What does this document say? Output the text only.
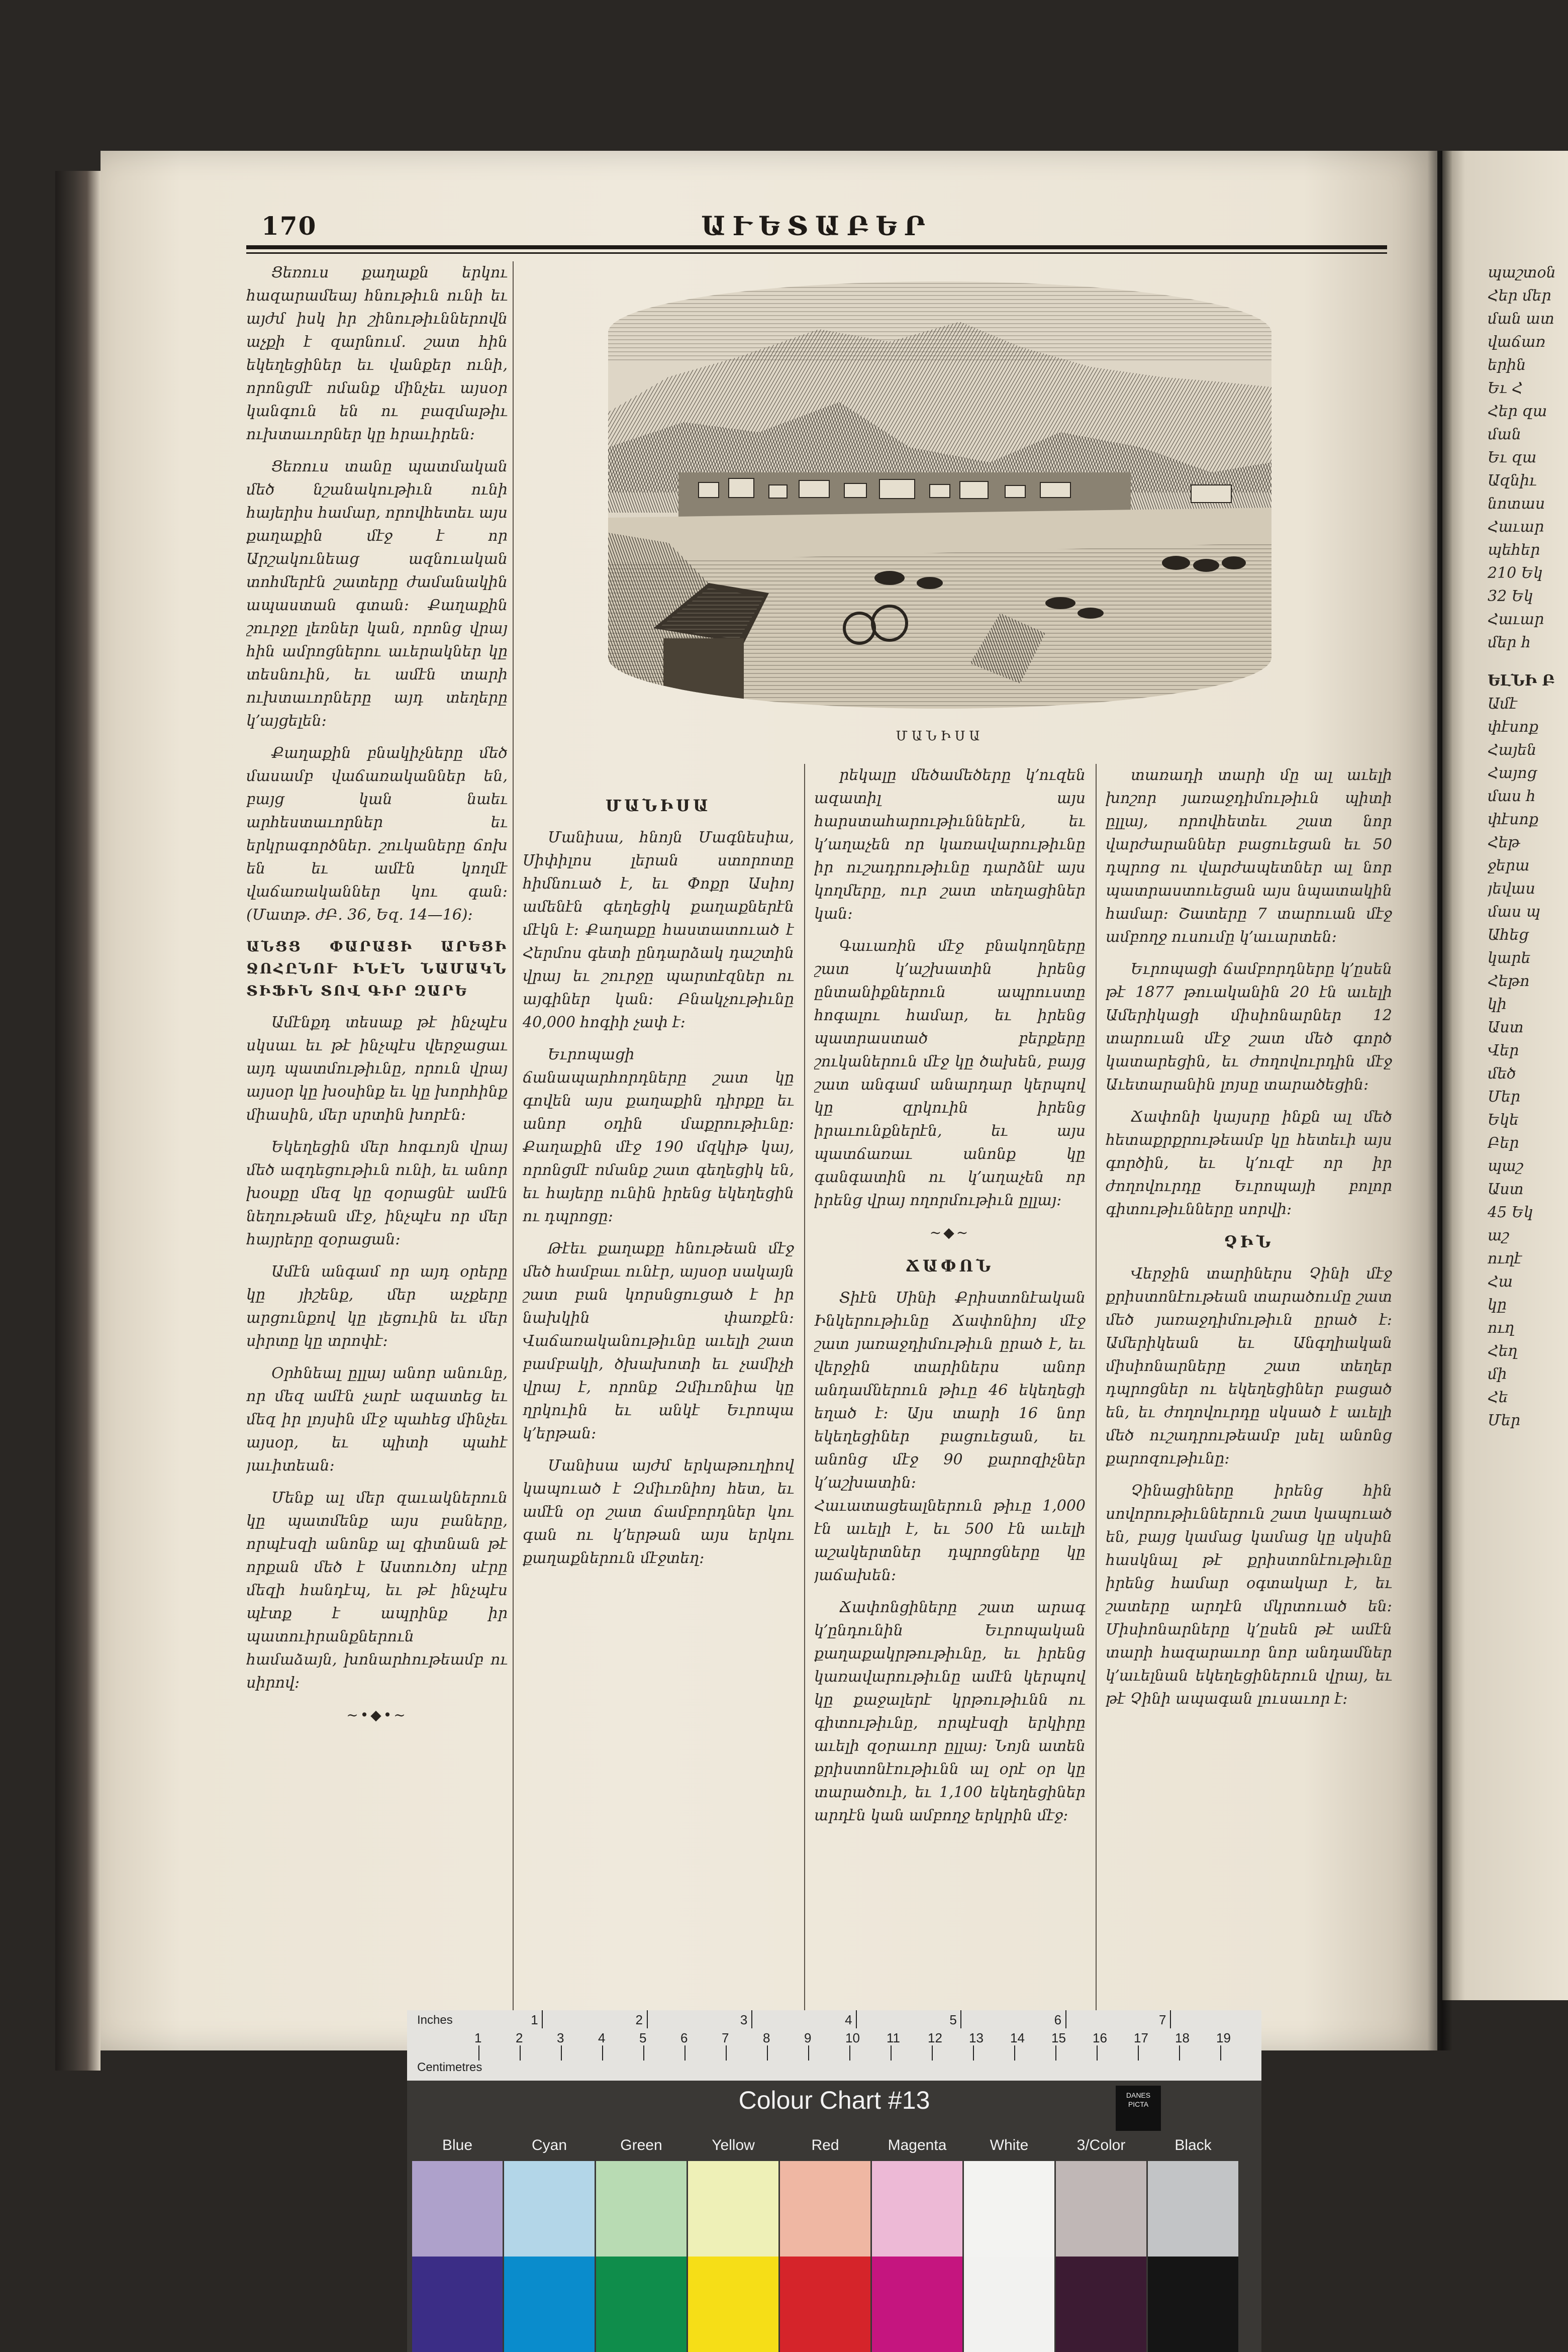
170	ԱՒԵՏԱԲԵՐ

Ցեռուս քաղաքն երկու հազարամեայ հնութիւն ունի եւ այժմ իսկ իր շինութիւններովն աչքի է զարնում. շատ հին եկեղեցիներ եւ վանքեր ունի, որոնցմէ ոմանք մինչեւ այսօր կանգուն են ու բազմաթիւ ուխտաւորներ կը հրաւիրեն։

Ցեռուս տանը պատմական մեծ նշանակութիւն ունի հայերիս համար, որովհետեւ այս քաղաքին մէջ է որ Արշակունեաց ազնուական տոհմերէն շատերը ժամանակին ապաստան գտան։ Քաղաքին շուրջը լեռներ կան, որոնց վրայ հին ամրոցներու աւերակներ կը տեսնուին, եւ ամէն տարի ուխտաւորները այդ տեղերը կ՚այցելեն։

Քաղաքին բնակիչները մեծ մասամբ վաճառականներ են, բայց կան նաեւ արհեստաւորներ եւ երկրագործներ. շուկաները ճոխ են եւ ամէն կողմէ վաճառականներ կու գան։ (Մատթ. ժԲ. 36, Եզ. 14—16)։

ԱՆՑՑ ՓԱՐԱՑԻ ԱՐԵՑԻ ՋՈՀԸՆՈՒ ԻՆԷՆ ՆԱՄԱԿՆ ՏԻՖԻՆ ՏՈՎ ԳԻՐ ԶԱՐԵ

Ամէնքդ տեսաք թէ ինչպէս սկսաւ եւ թէ ինչպէս վերջացաւ այդ պատմութիւնը, որուն վրայ այսօր կը խօսինք եւ կը խորհինք միասին, մեր սրտին խորէն։

Եկեղեցին մեր հոգւոյն վրայ մեծ ազդեցութիւն ունի, եւ անոր խօսքը մեզ կը զօրացնէ ամէն նեղութեան մէջ, ինչպէս որ մեր հայրերը զօրացան։

Ամէն անգամ որ այդ օրերը կը յիշենք, մեր աչքերը արցունքով կը լեցուին եւ մեր սիրտը կը տրոփէ։

Օրհնեալ ըլլայ անոր անունը, որ մեզ ամէն չարէ ազատեց եւ մեզ իր լոյսին մէջ պահեց մինչեւ այսօր, եւ պիտի պահէ յաւիտեան։

Մենք ալ մեր զաւակներուն կը պատմենք այս բաները, որպէսզի անոնք ալ գիտնան թէ որքան մեծ է Աստուծոյ սէրը մեզի հանդէպ, եւ թէ ինչպէս պէտք է ապրինք իր պատուիրանքներուն համաձայն, խոնարհութեամբ ու սիրով։

~•◆•~
ՄԱՆԻՍԱ

ՄԱՆԻՍԱ

Մանիսա, հնոյն Մագնեսիա, Սիփիլոս լերան ստորոտը հիմնուած է, եւ Փոքր Ասիոյ ամենէն գեղեցիկ քաղաքներէն մէկն է։ Քաղաքը հաստատուած է Հերմոս գետի ընդարձակ դաշտին վրայ եւ շուրջը պարտէզներ ու այգիներ կան։ Բնակչութիւնը 40,000 հոգիի չափ է։

Եւրոպացի ճանապարհորդները շատ կը գովեն այս քաղաքին դիրքը եւ անոր օդին մաքրութիւնը։ Քաղաքին մէջ 190 մզկիթ կայ, որոնցմէ ոմանք շատ գեղեցիկ են, եւ հայերը ունին իրենց եկեղեցին ու դպրոցը։

Թէեւ քաղաքը հնութեան մէջ մեծ համբաւ ունէր, այսօր սակայն շատ բան կորսնցուցած է իր նախկին փառքէն։ Վաճառականութիւնը աւելի շատ բամբակի, ծխախոտի եւ չամիչի վրայ է, որոնք Զմիւռնիա կը ղրկուին եւ անկէ Եւրոպա կ՚երթան։

Մանիսա այժմ երկաթուղիով կապուած է Զմիւռնիոյ հետ, եւ ամէն օր շատ ճամբորդներ կու գան ու կ՚երթան այս երկու քաղաքներուն մէջտեղ։

րեկալը մեծամեծերը կ՚ուզեն ազատիլ այս հարստահարութիւններէն, եւ կ՚աղաչեն որ կառավարութիւնը իր ուշադրութիւնը դարձնէ այս կողմերը, ուր շատ տեղացիներ կան։

Գաւառին մէջ բնակողները շատ կ՚աշխատին իրենց ընտանիքներուն ապրուստը հոգալու համար, եւ իրենց պատրաստած բերքերը շուկաներուն մէջ կը ծախեն, բայց շատ անգամ անարդար կերպով կը զրկուին իրենց իրաւունքներէն, եւ այս պատճառաւ անոնք կը գանգատին ու կ՚աղաչեն որ իրենց վրայ ողորմութիւն ըլլայ։

~◆~

ՃԱՓՈՆ

Տիէն Սինի Քրիստոնէական Ինկերութիւնը Ճափոնիոյ մէջ շատ յառաջդիմութիւն ըրած է, եւ վերջին տարիներս անոր անդամներուն թիւը 46 եկեղեցի եղած է։ Այս տարի 16 նոր եկեղեցիներ բացուեցան, եւ անոնց մէջ 90 քարոզիչներ կ՚աշխատին։ Հաւատացեալներուն թիւը 1,000 էն աւելի է, եւ 500 էն աւելի աշակերտներ դպրոցները կը յաճախեն։

Ճափոնցիները շատ արագ կ՚ընդունին Եւրոպական քաղաքակրթութիւնը, եւ իրենց կառավարութիւնը ամէն կերպով կը քաջալերէ կրթութիւնն ու գիտութիւնը, որպէսզի երկիրը աւելի զօրաւոր ըլլայ։ Նոյն ատեն քրիստոնէութիւնն ալ օրէ օր կը տարածուի, եւ 1,100 եկեղեցիներ արդէն կան ամբողջ երկրին մէջ։

տառադի տարի մը ալ աւելի խոշոր յառաջդիմութիւն պիտի ըլլայ, որովհետեւ շատ նոր վարժարաններ բացուեցան եւ 50 դպրոց ու վարժապետներ ալ նոր պատրաստուեցան այս նպատակին համար։ Շատերը 7 տարուան մէջ ամբողջ ուսումը կ՚աւարտեն։

Եւրոպացի ճամբորդները կ՚ըսեն թէ 1877 թուականին 20 էն աւելի Ամերիկացի միսիոնարներ 12 տարուան մէջ շատ մեծ գործ կատարեցին, եւ ժողովուրդին մէջ Աւետարանին լոյսը տարածեցին։

Ճափոնի կայսրը ինքն ալ մեծ հետաքրքրութեամբ կը հետեւի այս գործին, եւ կ՚ուզէ որ իր ժողովուրդը Եւրոպայի բոլոր գիտութիւնները սորվի։

ՉԻՆ

Վերջին տարիներս Չինի մէջ քրիստոնէութեան տարածումը շատ մեծ յառաջդիմութիւն ըրած է։ Ամերիկեան եւ Անգղիական միսիոնարները շատ տեղեր դպրոցներ ու եկեղեցիներ բացած են, եւ ժողովուրդը սկսած է աւելի մեծ ուշադրութեամբ լսել անոնց քարոզութիւնը։

Չինացիները իրենց հին սովորութիւններուն շատ կապուած են, բայց կամաց կամաց կը սկսին հասկնալ թէ քրիստոնէութիւնը իրենց համար օգտակար է, եւ շատերը արդէն մկրտուած են։ Միսիոնարները կ՚ըսեն թէ ամէն տարի հազարաւոր նոր անդամներ կ՚աւելնան եկեղեցիներուն վրայ, եւ թէ Չինի ապագան լուսաւոր է։

պաշտօն
Հեր մեր
ման ատ
վաճառ
երին
Եւ Հ
Հեր զա
ման
Եւ զա
Ազնիւ
նոտաս
Հաւար
պեհեր
210 Եկ
32 Եկ
Հաւար
մեր հ
ԵԼՆԻ Բ
Ամէ
փէսոք
Հայեն
Հայոց
մաս հ
փէսոք
Հեթ
ջերա
յեվաս
մաս պ
Ահեց
կարե
Հեթո
կի
Աստ
Վեր
մեծ
Մեր
Եկե
Բեր
պաշ
Աստ
45 Եկ
աշ
ուղէ
Հա
կը
ուղ
Հեղ
մի
Հե
Մեր
Inches
Centimetres
1	2	3	4	5	6	7	8	9	10 11 12 13 14 15 16 17 18 19
1	2	3	4	5	6	7
Colour Chart #13	DANES PICTA
Blue	Cyan	Green	Yellow	Red	Magenta	White	3/Color	Black
